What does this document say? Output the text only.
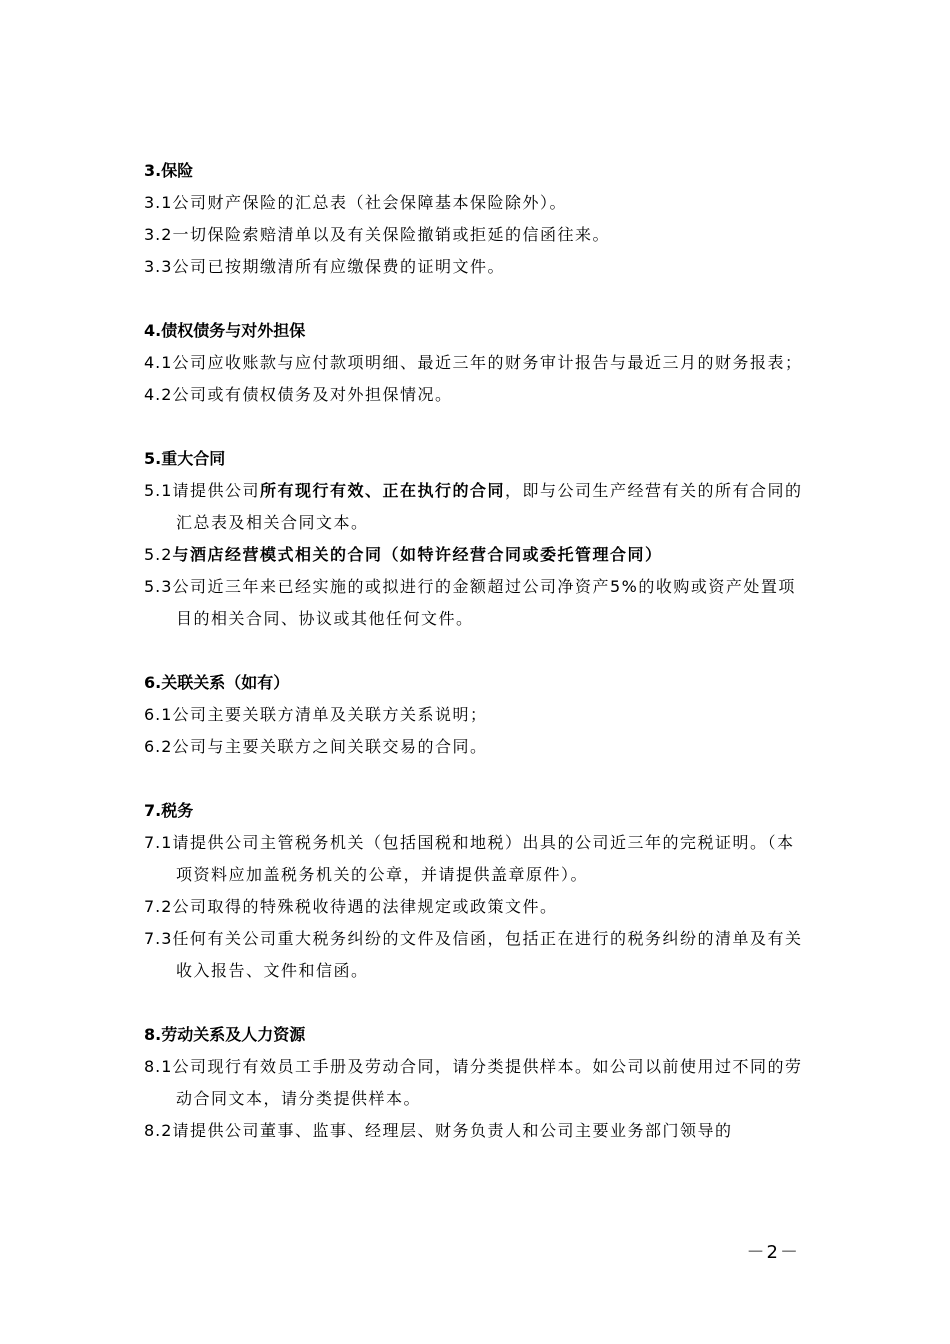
3.保险
3.1公司财产保险的汇总表（社会保障基本保险除外）。
3.2一切保险索赔清单以及有关保险撤销或拒延的信函往来。
3.3公司已按期缴清所有应缴保费的证明文件。
4.债权债务与对外担保
4.1公司应收账款与应付款项明细、最近三年的财务审计报告与最近三月的财务报表；
4.2公司或有债权债务及对外担保情况。
5.重大合同
5.1请提供公司所有现行有效、正在执行的合同，即与公司生产经营有关的所有合同的汇总表及相关合同文本。
5.2与酒店经营模式相关的合同（如特许经营合同或委托管理合同）
5.3公司近三年来已经实施的或拟进行的金额超过公司净资产5%的收购或资产处置项目的相关合同、协议或其他任何文件。
6.关联关系（如有）
6.1公司主要关联方清单及关联方关系说明；
6.2公司与主要关联方之间关联交易的合同。
7.税务
7.1请提供公司主管税务机关（包括国税和地税）出具的公司近三年的完税证明。（本项资料应加盖税务机关的公章，并请提供盖章原件）。
7.2公司取得的特殊税收待遇的法律规定或政策文件。
7.3任何有关公司重大税务纠纷的文件及信函，包括正在进行的税务纠纷的清单及有关收入报告、文件和信函。
8.劳动关系及人力资源
8.1公司现行有效员工手册及劳动合同，请分类提供样本。如公司以前使用过不同的劳动合同文本，请分类提供样本。
8.2请提供公司董事、监事、经理层、财务负责人和公司主要业务部门领导的
－2－
